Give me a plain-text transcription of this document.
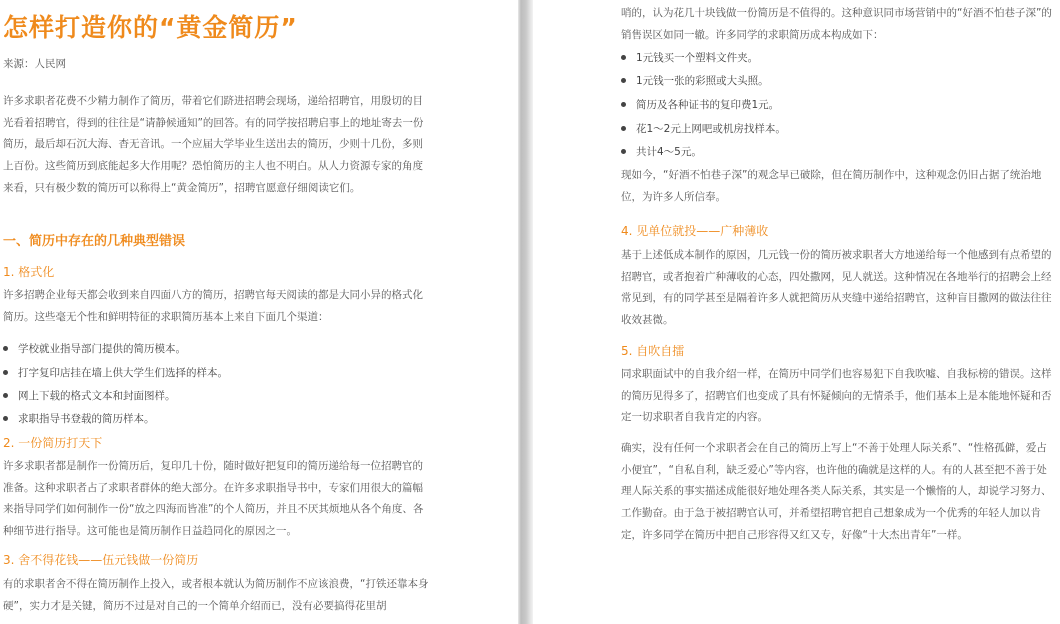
怎样打造你的“黄金简历”
来源：人民网
许多求职者花费不少精力制作了简历，带着它们跻进招聘会现场，递给招聘官，用殷切的目光看着招聘官，得到的往往是“请静候通知”的回答。有的同学按招聘启事上的地址寄去一份简历，最后却石沉大海、杳无音讯。一个应届大学毕业生送出去的简历，少则十几份，多则上百份。这些简历到底能起多大作用呢？恐怕简历的主人也不明白。从人力资源专家的角度来看，只有极少数的简历可以称得上“黄金简历”，招聘官愿意仔细阅读它们。
一、简历中存在的几种典型错误
1. 格式化
许多招聘企业每天都会收到来自四面八方的简历，招聘官每天阅读的都是大同小异的格式化简历。这些毫无个性和鲜明特征的求职简历基本上来自下面几个渠道：
学校就业指导部门提供的简历模本。
打字复印店挂在墙上供大学生们选择的样本。
网上下载的格式文本和封面图样。
求职指导书登载的简历样本。
2. 一份简历打天下
许多求职者都是制作一份简历后，复印几十份，随时做好把复印的简历递给每一位招聘官的准备。这种求职者占了求职者群体的绝大部分。在许多求职指导书中，专家们用很大的篇幅来指导同学们如何制作一份“放之四海而皆准”的个人简历，并且不厌其烦地从各个角度、各种细节进行指导。这可能也是简历制作日益趋同化的原因之一。
3. 舍不得花钱——伍元钱做一份简历
有的求职者舍不得在简历制作上投入，或者根本就认为简历制作不应该浪费，“打铁还靠本身硬”，实力才是关键，简历不过是对自己的一个简单介绍而已，没有必要搞得花里胡
哨的，认为花几十块钱做一份简历是不值得的。这种意识同市场营销中的“好酒不怕巷子深”的销售误区如同一辙。许多同学的求职简历成本构成如下：
1元钱买一个塑料文件夹。
1元钱一张的彩照或大头照。
简历及各种证书的复印费1元。
花1～2元上网吧或机房找样本。
共计4～5元。
现如今，“好酒不怕巷子深”的观念早已破除，但在简历制作中，这种观念仍旧占据了统治地位，为许多人所信奉。
4. 见单位就投——广种薄收
基于上述低成本制作的原因，几元钱一份的简历被求职者大方地递给每一个他感到有点希望的招聘官，或者抱着广种薄收的心态，四处撒网，见人就送。这种情况在各地举行的招聘会上经常见到，有的同学甚至是隔着许多人就把简历从夹缝中递给招聘官，这种盲目撒网的做法往往收效甚微。
5. 自吹自擂
同求职面试中的自我介绍一样，在简历中同学们也容易犯下自我吹嘘、自我标榜的错误。这样的简历见得多了，招聘官们也变成了具有怀疑倾向的无情杀手，他们基本上是本能地怀疑和否定一切求职者自我肯定的内容。
确实，没有任何一个求职者会在自己的简历上写上“不善于处理人际关系”、“性格孤僻，爱占小便宜”，“自私自利，缺乏爱心”等内容，也许他的确就是这样的人。有的人甚至把不善于处理人际关系的事实描述成能很好地处理各类人际关系，其实是一个懒惰的人，却说学习努力、工作勤奋。由于急于被招聘官认可，并希望招聘官把自己想象成为一个优秀的年轻人加以肯定，许多同学在简历中把自己形容得又红又专，好像“十大杰出青年”一样。
